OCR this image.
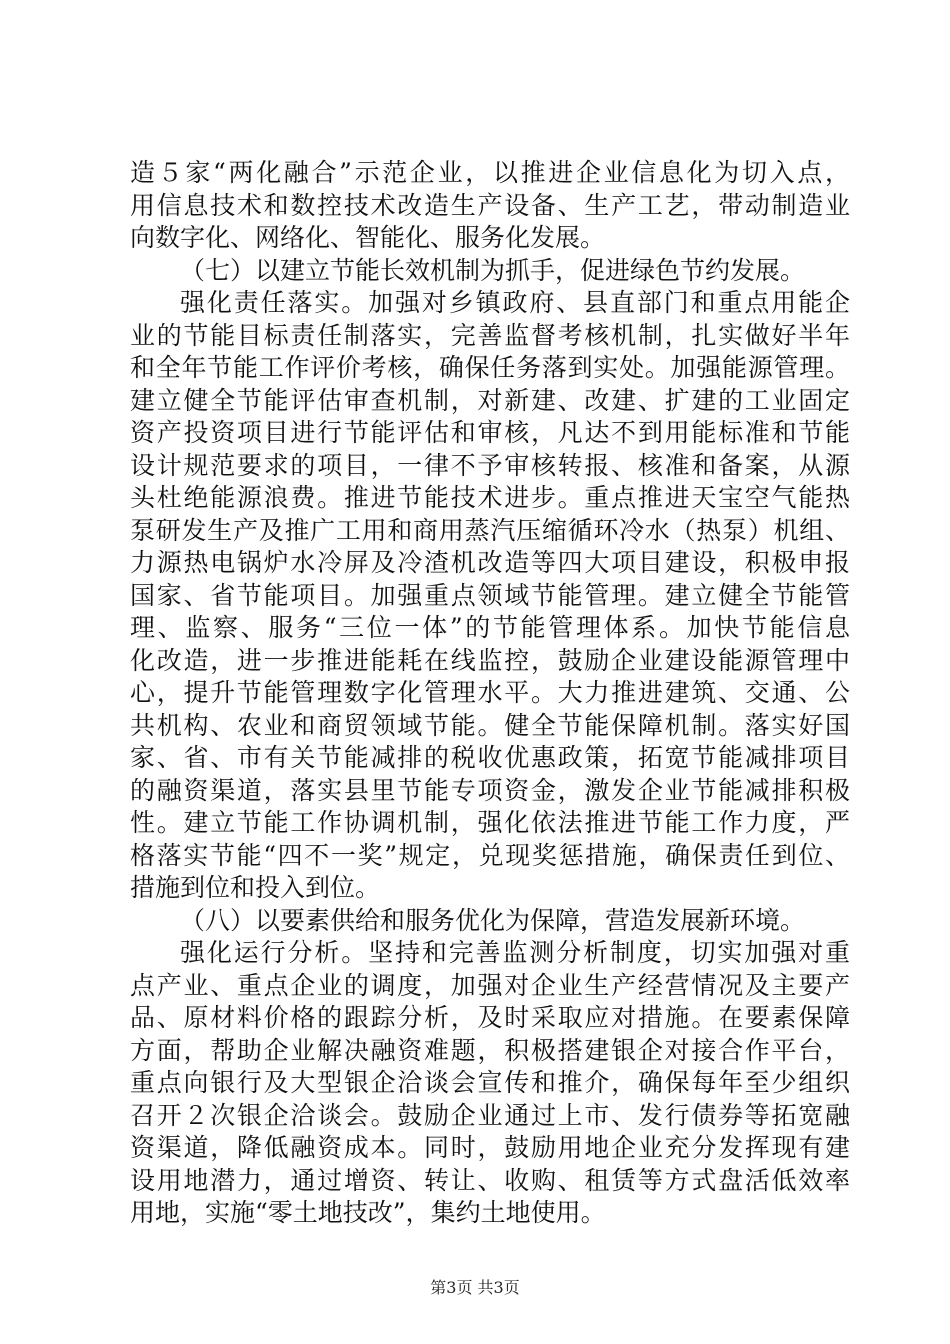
造５家“两化融合”示范企业，以推进企业信息化为切入点，
用信息技术和数控技术改造生产设备、生产工艺，带动制造业
向数字化、网络化、智能化、服务化发展。
（七）以建立节能长效机制为抓手，促进绿色节约发展。
强化责任落实。加强对乡镇政府、县直部门和重点用能企
业的节能目标责任制落实，完善监督考核机制，扎实做好半年
和全年节能工作评价考核，确保任务落到实处。加强能源管理。
建立健全节能评估审查机制，对新建、改建、扩建的工业固定
资产投资项目进行节能评估和审核，凡达不到用能标准和节能
设计规范要求的项目，一律不予审核转报、核准和备案，从源
头杜绝能源浪费。推进节能技术进步。重点推进天宝空气能热
泵研发生产及推广工用和商用蒸汽压缩循环冷水（热泵）机组、
力源热电锅炉水冷屏及冷渣机改造等四大项目建设，积极申报
国家、省节能项目。加强重点领域节能管理。建立健全节能管
理、监察、服务“三位一体”的节能管理体系。加快节能信息
化改造，进一步推进能耗在线监控，鼓励企业建设能源管理中
心，提升节能管理数字化管理水平。大力推进建筑、交通、公
共机构、农业和商贸领域节能。健全节能保障机制。落实好国
家、省、市有关节能减排的税收优惠政策，拓宽节能减排项目
的融资渠道，落实县里节能专项资金，激发企业节能减排积极
性。建立节能工作协调机制，强化依法推进节能工作力度，严
格落实节能“四不一奖”规定，兑现奖惩措施，确保责任到位、
措施到位和投入到位。
（八）以要素供给和服务优化为保障，营造发展新环境。
强化运行分析。坚持和完善监测分析制度，切实加强对重
点产业、重点企业的调度，加强对企业生产经营情况及主要产
品、原材料价格的跟踪分析，及时采取应对措施。在要素保障
方面，帮助企业解决融资难题，积极搭建银企对接合作平台，
重点向银行及大型银企洽谈会宣传和推介，确保每年至少组织
召开２次银企洽谈会。鼓励企业通过上市、发行债券等拓宽融
资渠道，降低融资成本。同时，鼓励用地企业充分发挥现有建
设用地潜力，通过增资、转让、收购、租赁等方式盘活低效率
用地，实施“零土地技改”，集约土地使用。
第3页 共3页
